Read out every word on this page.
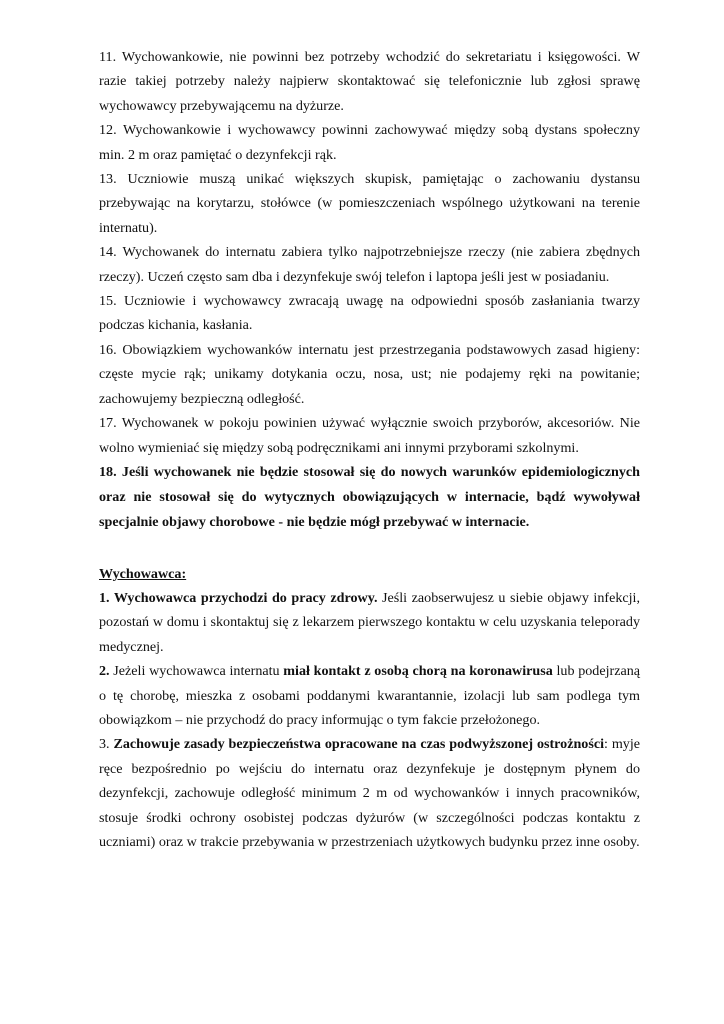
11. Wychowankowie, nie powinni bez potrzeby wchodzić do sekretariatu i księgowości. W razie takiej potrzeby należy najpierw skontaktować się telefonicznie lub zgłosi sprawę wychowawcy przebywającemu na dyżurze.

12. Wychowankowie i wychowawcy powinni zachowywać między sobą dystans społeczny min. 2 m oraz pamiętać o dezynfekcji rąk.

13. Uczniowie muszą unikać większych skupisk, pamiętając o zachowaniu dystansu przebywając na korytarzu, stołówce (w pomieszczeniach wspólnego użytkowani na terenie internatu).

14. Wychowanek do internatu zabiera tylko najpotrzebniejsze rzeczy (nie zabiera zbędnych rzeczy). Uczeń często sam dba i dezynfekuje swój telefon i laptopa jeśli jest w posiadaniu.

15. Uczniowie i wychowawcy zwracają uwagę na odpowiedni sposób zasłaniania twarzy podczas kichania, kasłania.

16. Obowiązkiem wychowanków internatu jest przestrzegania podstawowych zasad higieny: częste mycie rąk; unikamy dotykania oczu, nosa, ust; nie podajemy ręki na powitanie; zachowujemy bezpieczną odległość.

17. Wychowanek w pokoju powinien używać wyłącznie swoich przyborów, akcesoriów. Nie wolno wymieniać się między sobą podręcznikami ani innymi przyborami szkolnymi.

18. Jeśli wychowanek nie będzie stosował się do nowych warunków epidemiologicznych oraz nie stosował się do wytycznych obowiązujących w internacie, bądź wywoływał specjalnie objawy chorobowe - nie będzie mógł przebywać w internacie.

Wychowawca:

1. Wychowawca przychodzi do pracy zdrowy. Jeśli zaobserwujesz u siebie objawy infekcji, pozostań w domu i skontaktuj się z lekarzem pierwszego kontaktu w celu uzyskania teleporady medycznej.

2. Jeżeli wychowawca internatu miał kontakt z osobą chorą na koronawirusa lub podejrzaną o tę chorobę, mieszka z osobami poddanymi kwarantannie, izolacji lub sam podlega tym obowiązkom – nie przychodź do pracy informując o tym fakcie przełożonego.

3. Zachowuje zasady bezpieczeństwa opracowane na czas podwyższonej ostrożności: myje ręce bezpośrednio po wejściu do internatu oraz dezynfekuje je dostępnym płynem do dezynfekcji, zachowuje odległość minimum 2 m od wychowanków i innych pracowników, stosuje środki ochrony osobistej podczas dyżurów (w szczególności podczas kontaktu z uczniami) oraz w trakcie przebywania w przestrzeniach użytkowych budynku przez inne osoby.
